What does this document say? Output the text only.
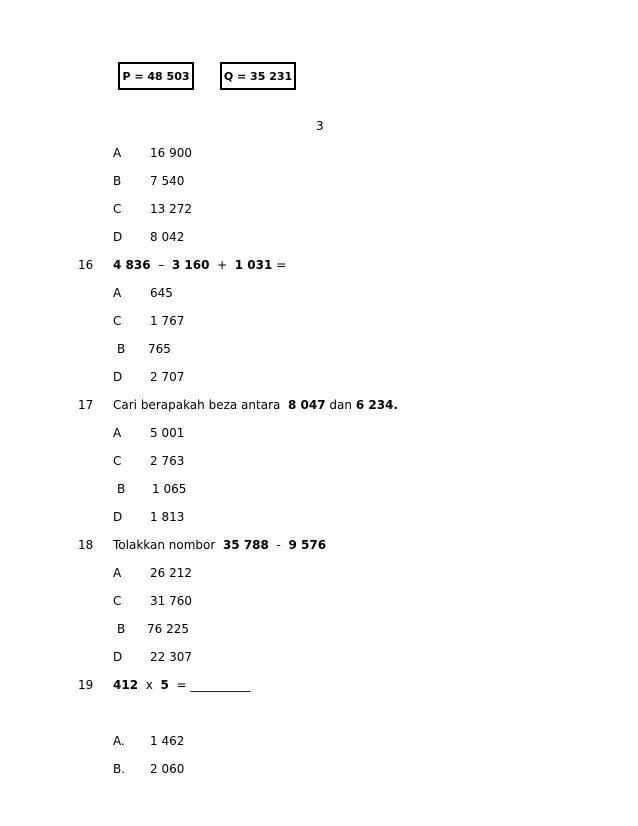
P = 48 503	Q = 35 231
3
A 16 900
B 7 540
C 13 272
D 8 042
16 4 836 – 3 160 + 1 031 =
A 645
C 1 767
B 765
D 2 707
17 Cari berapakah beza antara 8 047 dan 6 234.
A 5 001
C 2 763
B 1 065
D 1 813
18 Tolakkan nombor 35 788 - 9 576
A 26 212
C 31 760
B 76 225
D 22 307
19 412 x 5 = __________
A. 1 462
B. 2 060
